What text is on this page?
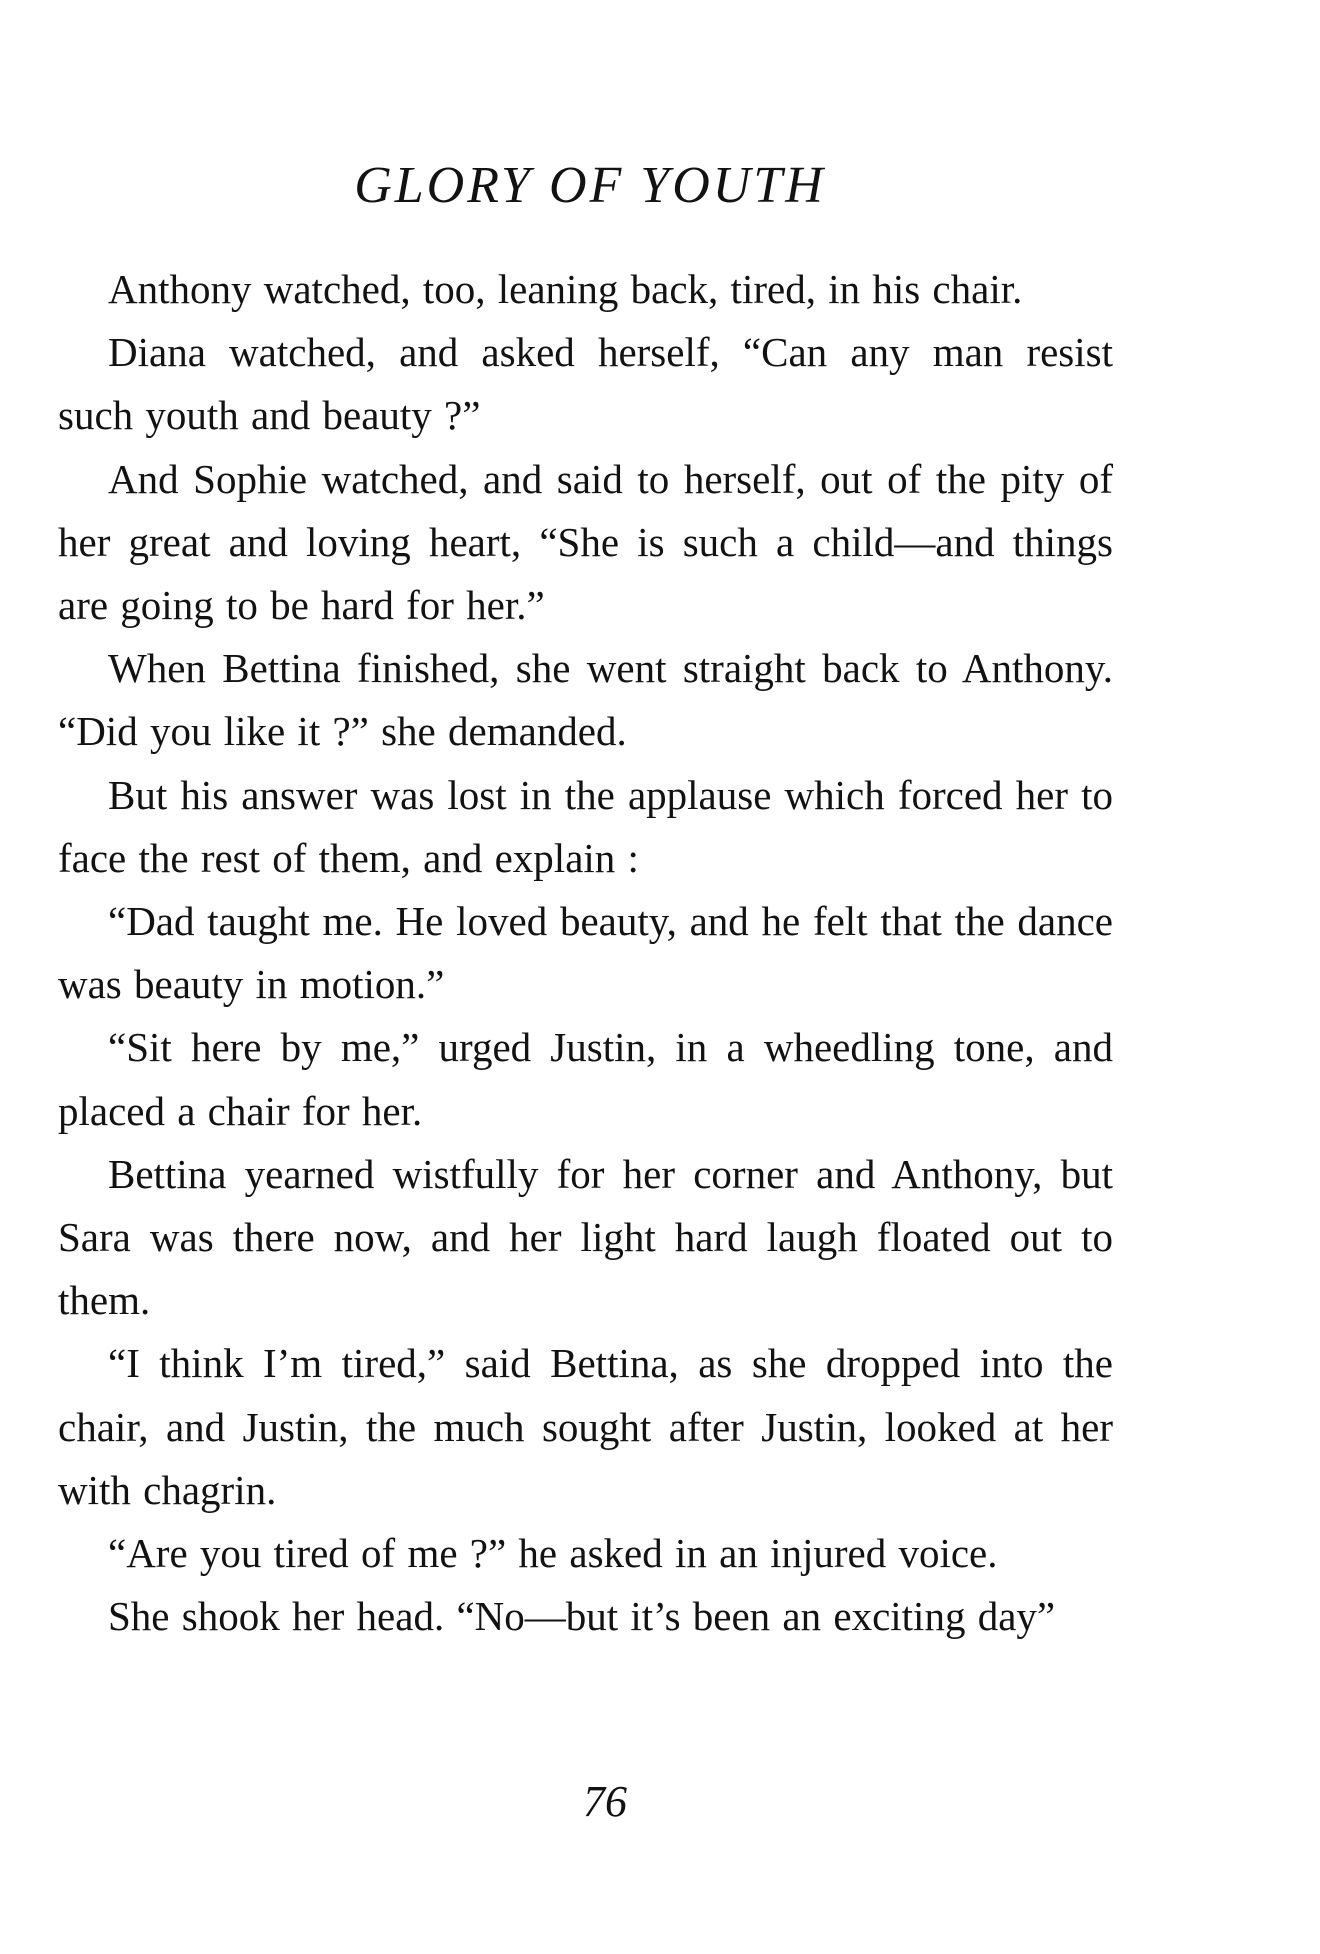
GLORY OF YOUTH

Anthony watched, too, leaning back, tired, in his chair.

Diana watched, and asked herself, “Can any man resist such youth and beauty ?”

And Sophie watched, and said to herself, out of the pity of her great and loving heart, “She is such a child—and things are going to be hard for her.”

When Bettina finished, she went straight back to Anthony. “Did you like it ?” she demanded.

But his answer was lost in the applause which forced her to face the rest of them, and explain :

“Dad taught me. He loved beauty, and he felt that the dance was beauty in motion.”

“Sit here by me,” urged Justin, in a wheedling tone, and placed a chair for her.

Bettina yearned wistfully for her corner and Anthony, but Sara was there now, and her light hard laugh floated out to them.

“I think I’m tired,” said Bettina, as she dropped into the chair, and Justin, the much sought after Justin, looked at her with chagrin.

“Are you tired of me ?” he asked in an injured voice.

She shook her head. “No—but it’s been an exciting day”

76
